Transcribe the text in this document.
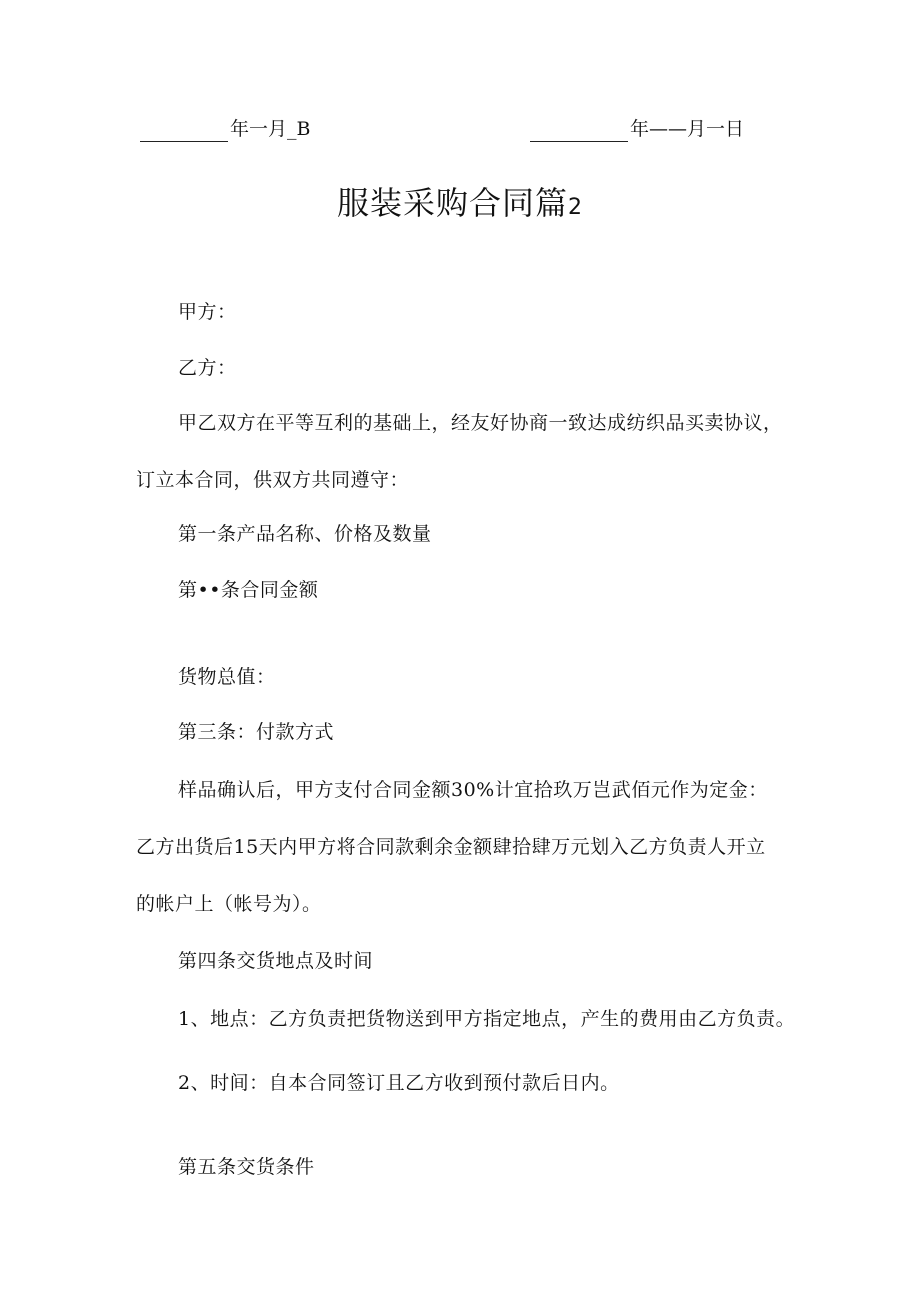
年一月_B	年——月一日
服装采购合同篇2
甲方：
乙方：
甲乙双方在平等互利的基础上，经友好协商一致达成纺织品买卖协议，
订立本合同，供双方共同遵守：
第一条产品名称、价格及数量
第••条合同金额
货物总值：
第三条：付款方式
样品确认后，甲方支付合同金额30%计宜拾玖万岂武佰元作为定金：
乙方出货后15天内甲方将合同款剩余金额肆拾肆万元划入乙方负责人开立
的帐户上（帐号为）。
第四条交货地点及时间
1、地点：乙方负责把货物送到甲方指定地点，产生的费用由乙方负责。
2、时间：自本合同签订且乙方收到预付款后日内。
第五条交货条件
